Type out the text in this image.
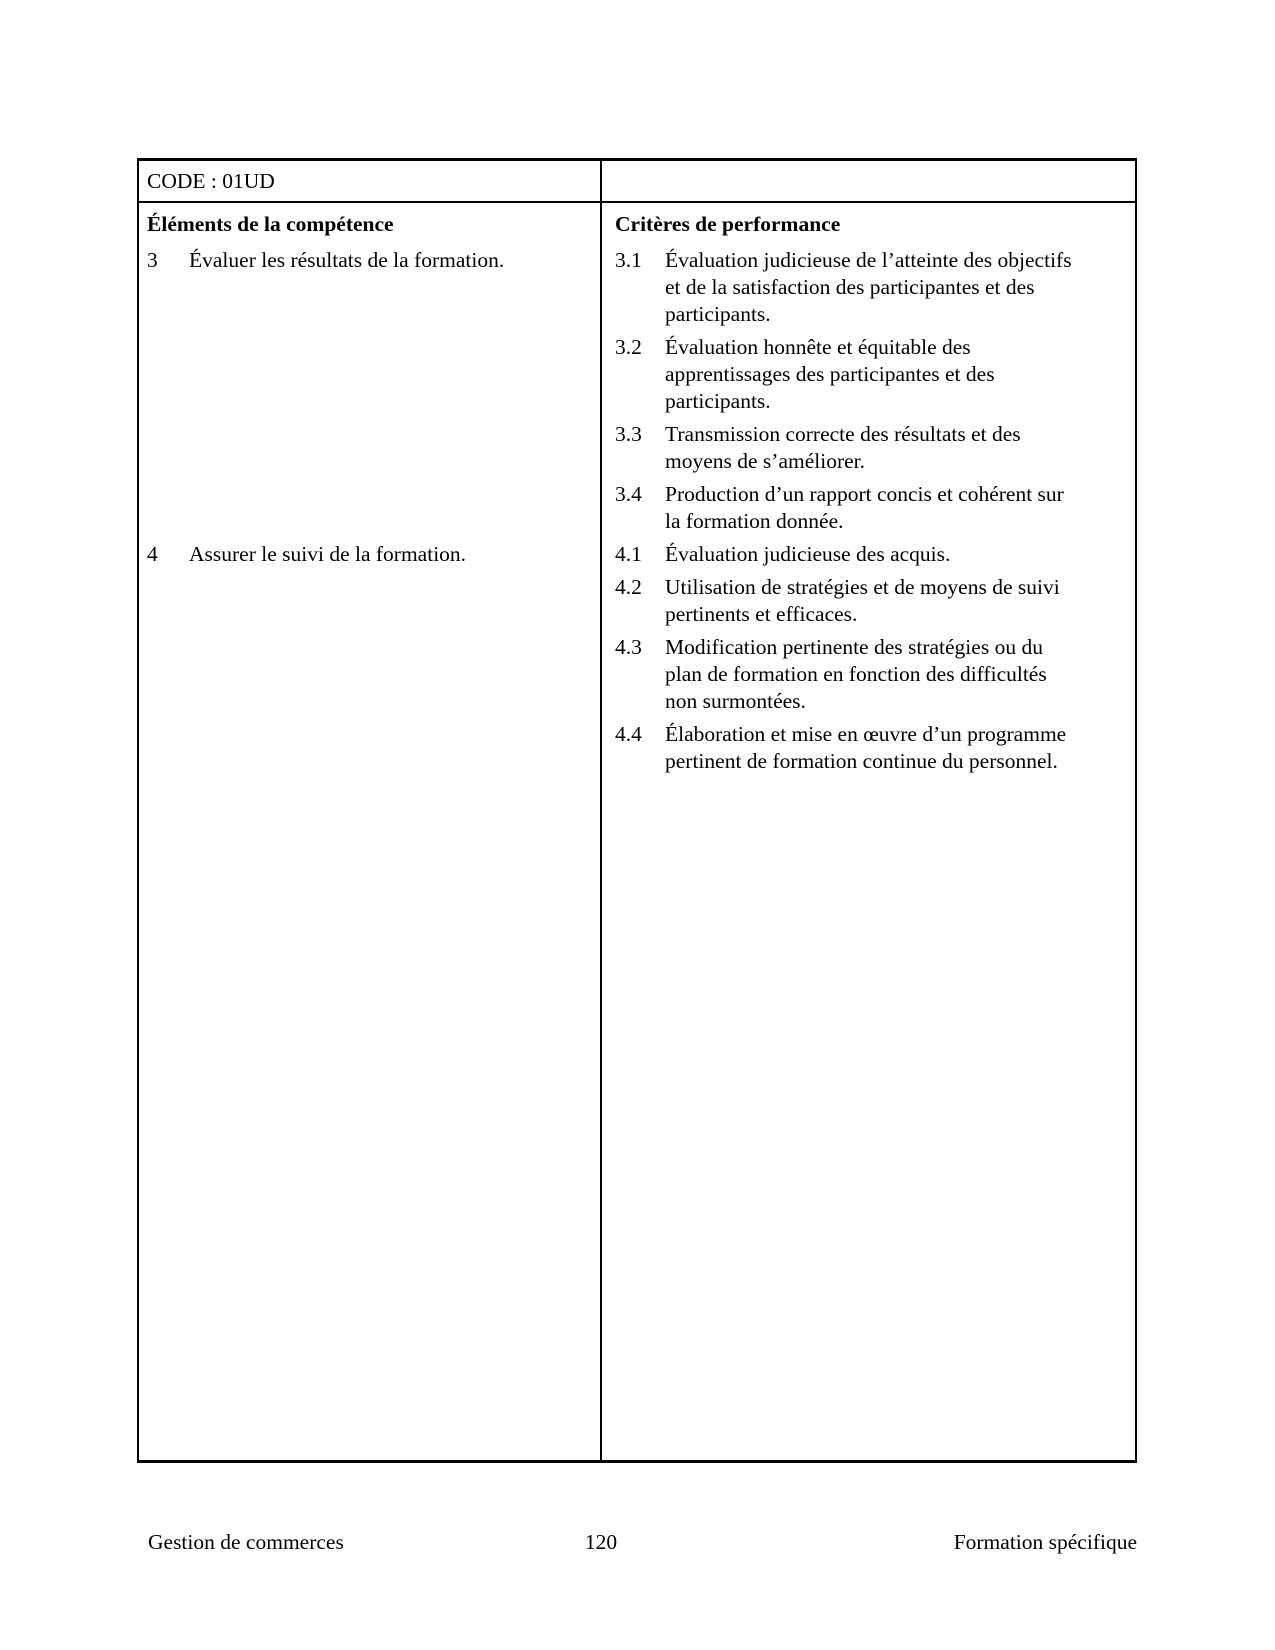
CODE : 01UD
Éléments de la compétence	Critères de performance
3	Évaluer les résultats de la formation.	3.1	Évaluation judicieuse de l’atteinte des objectifs et de la satisfaction des participantes et des participants.
3.2	Évaluation honnête et équitable des apprentissages des participantes et des participants.
3.3	Transmission correcte des résultats et des moyens de s’améliorer.
3.4	Production d’un rapport concis et cohérent sur la formation donnée.
4	Assurer le suivi de la formation.	4.1	Évaluation judicieuse des acquis.
4.2	Utilisation de stratégies et de moyens de suivi pertinents et efficaces.
4.3	Modification pertinente des stratégies ou du plan de formation en fonction des difficultés non surmontées.
4.4	Élaboration et mise en œuvre d’un programme pertinent de formation continue du personnel.
Gestion de commerces	120	Formation spécifique
